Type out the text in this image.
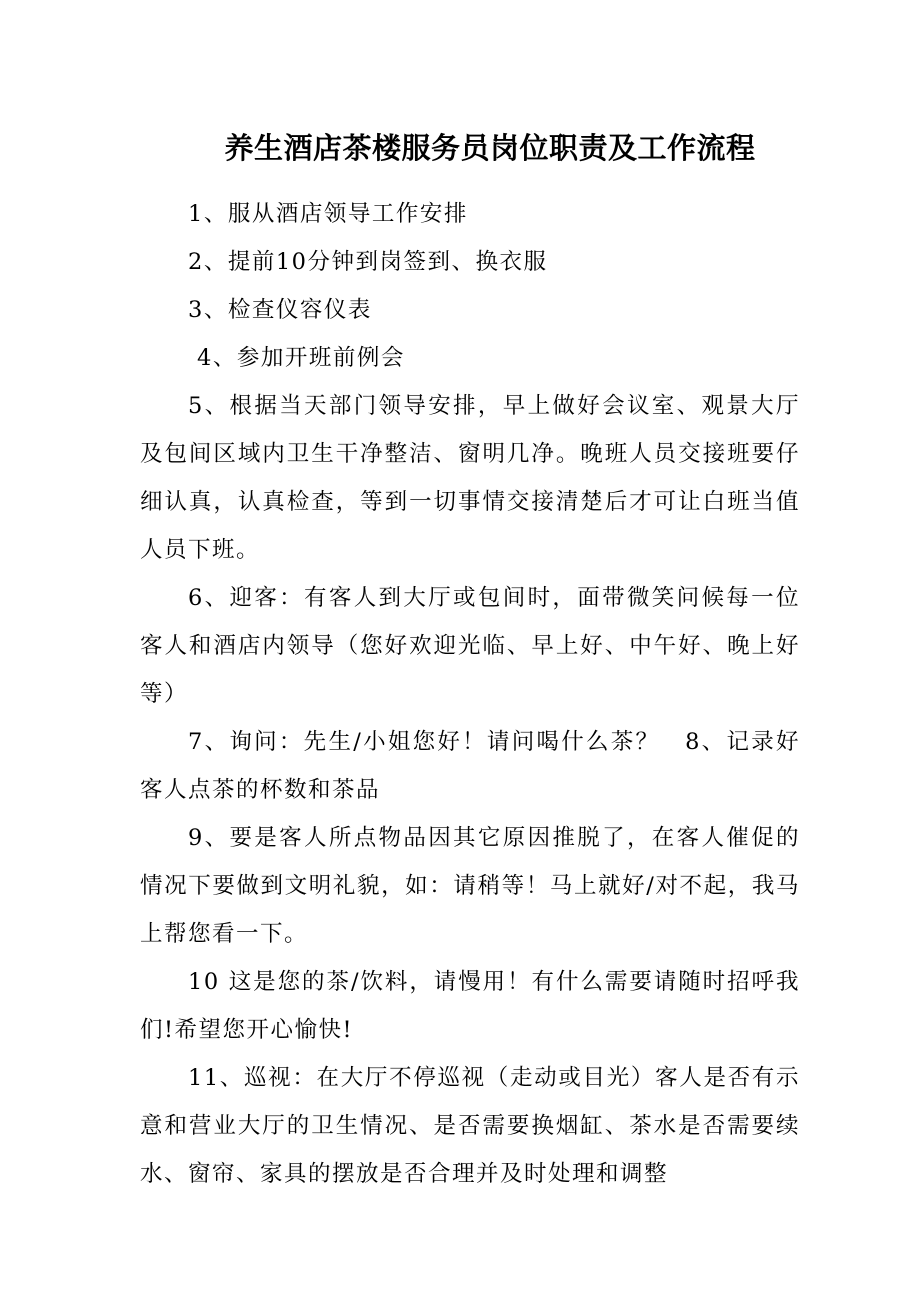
养生酒店茶楼服务员岗位职责及工作流程

1、服从酒店领导工作安排

2、提前10分钟到岗签到、换衣服

3、检查仪容仪表

4、参加开班前例会

5、根据当天部门领导安排，早上做好会议室、观景大厅及包间区域内卫生干净整洁、窗明几净。晚班人员交接班要仔细认真，认真检查，等到一切事情交接清楚后才可让白班当值人员下班。

6、迎客：有客人到大厅或包间时，面带微笑问候每一位客人和酒店内领导（您好欢迎光临、早上好、中午好、晚上好等）

7、询问：先生/小姐您好！请问喝什么茶？　8、记录好客人点茶的杯数和茶品

9、要是客人所点物品因其它原因推脱了，在客人催促的情况下要做到文明礼貌，如：请稍等！马上就好/对不起，我马上帮您看一下。

10 这是您的茶/饮料，请慢用！有什么需要请随时招呼我们!希望您开心愉快!

11、巡视：在大厅不停巡视（走动或目光）客人是否有示意和营业大厅的卫生情况、是否需要换烟缸、茶水是否需要续水、窗帘、家具的摆放是否合理并及时处理和调整
